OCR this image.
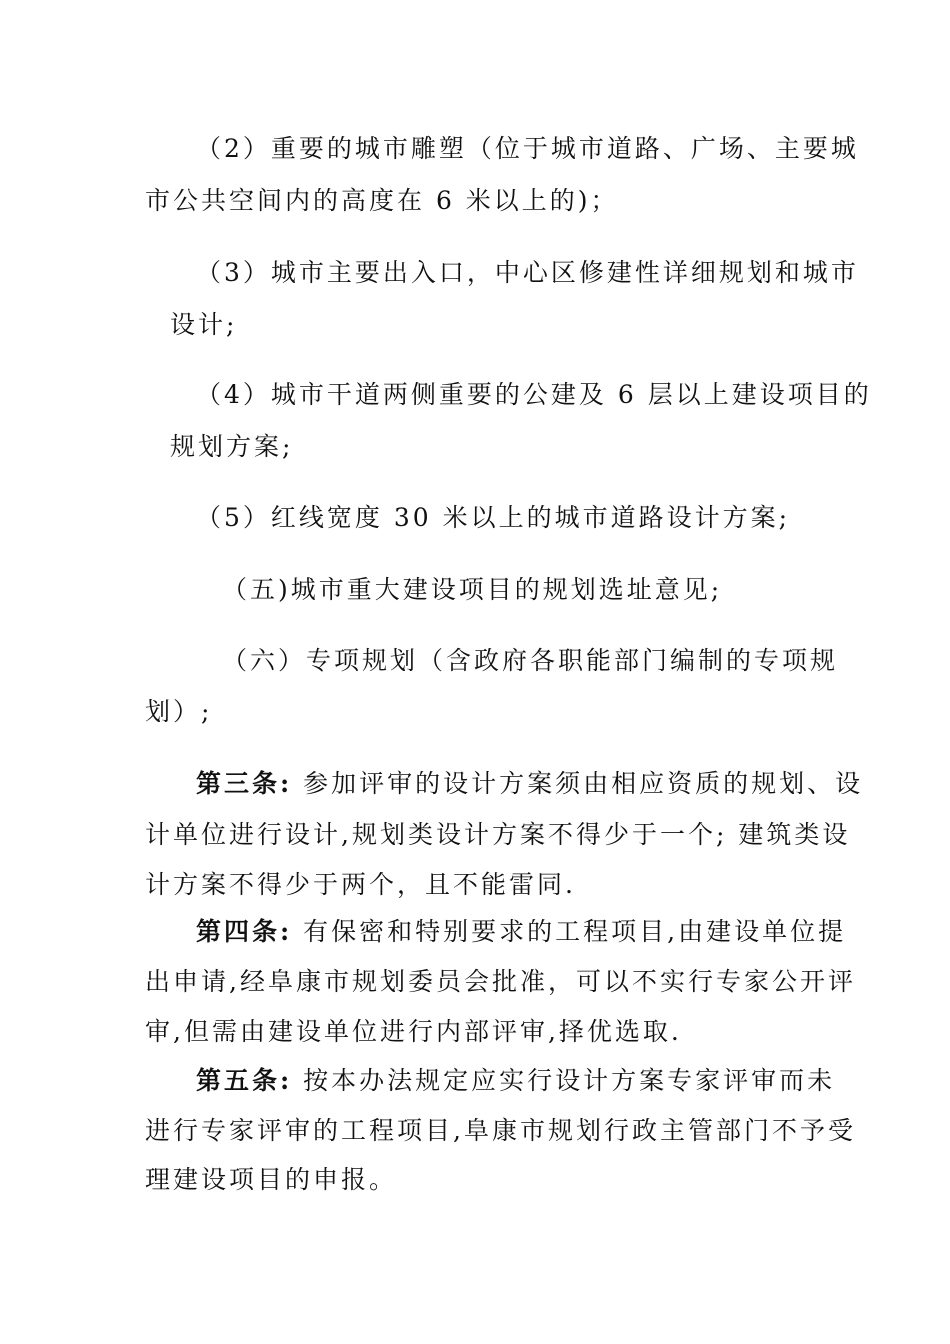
（2）重要的城市雕塑（位于城市道路、广场、主要城

市公共空间内的高度在 6 米以上的)；

（3）城市主要出入口，中心区修建性详细规划和城市

设计;

（4）城市干道两侧重要的公建及 6 层以上建设项目的

规划方案;

（5）红线宽度 30 米以上的城市道路设计方案;

（五)城市重大建设项目的规划选址意见;

（六）专项规划（含政府各职能部门编制的专项规

划）;

第三条: 参加评审的设计方案须由相应资质的规划、设

计单位进行设计,规划类设计方案不得少于一个; 建筑类设

计方案不得少于两个，且不能雷同.

第四条: 有保密和特别要求的工程项目,由建设单位提

出申请,经阜康市规划委员会批准，可以不实行专家公开评

审,但需由建设单位进行内部评审,择优选取.

第五条: 按本办法规定应实行设计方案专家评审而未

进行专家评审的工程项目,阜康市规划行政主管部门不予受

理建设项目的申报。
